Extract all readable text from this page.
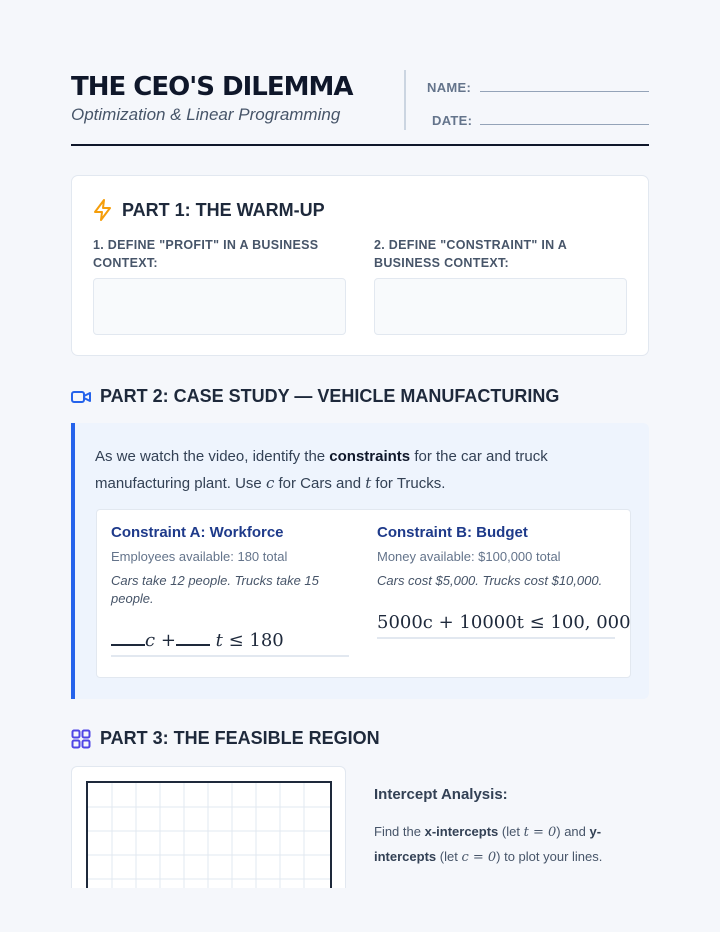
THE CEO'S DILEMMA
Optimization & Linear Programming
NAME:
DATE:
PART 1: THE WARM-UP
1. DEFINE "PROFIT" IN A BUSINESS CONTEXT:
2. DEFINE "CONSTRAINT" IN A BUSINESS CONTEXT:
PART 2: CASE STUDY — VEHICLE MANUFACTURING
As we watch the video, identify the constraints for the car and truck manufacturing plant. Use c for Cars and t for Trucks.
Constraint A: Workforce
Employees available: 180 total
Cars take 12 people. Trucks take 15 people.
c + t ≤ 180
Constraint B: Budget
Money available: $100,000 total
Cars cost $5,000. Trucks cost $10,000.
5000c + 10000t ≤ 100, 000
PART 3: THE FEASIBLE REGION
Intercept Analysis:
Find the x-intercepts (let t = 0) and y-intercepts (let c = 0) to plot your lines.
